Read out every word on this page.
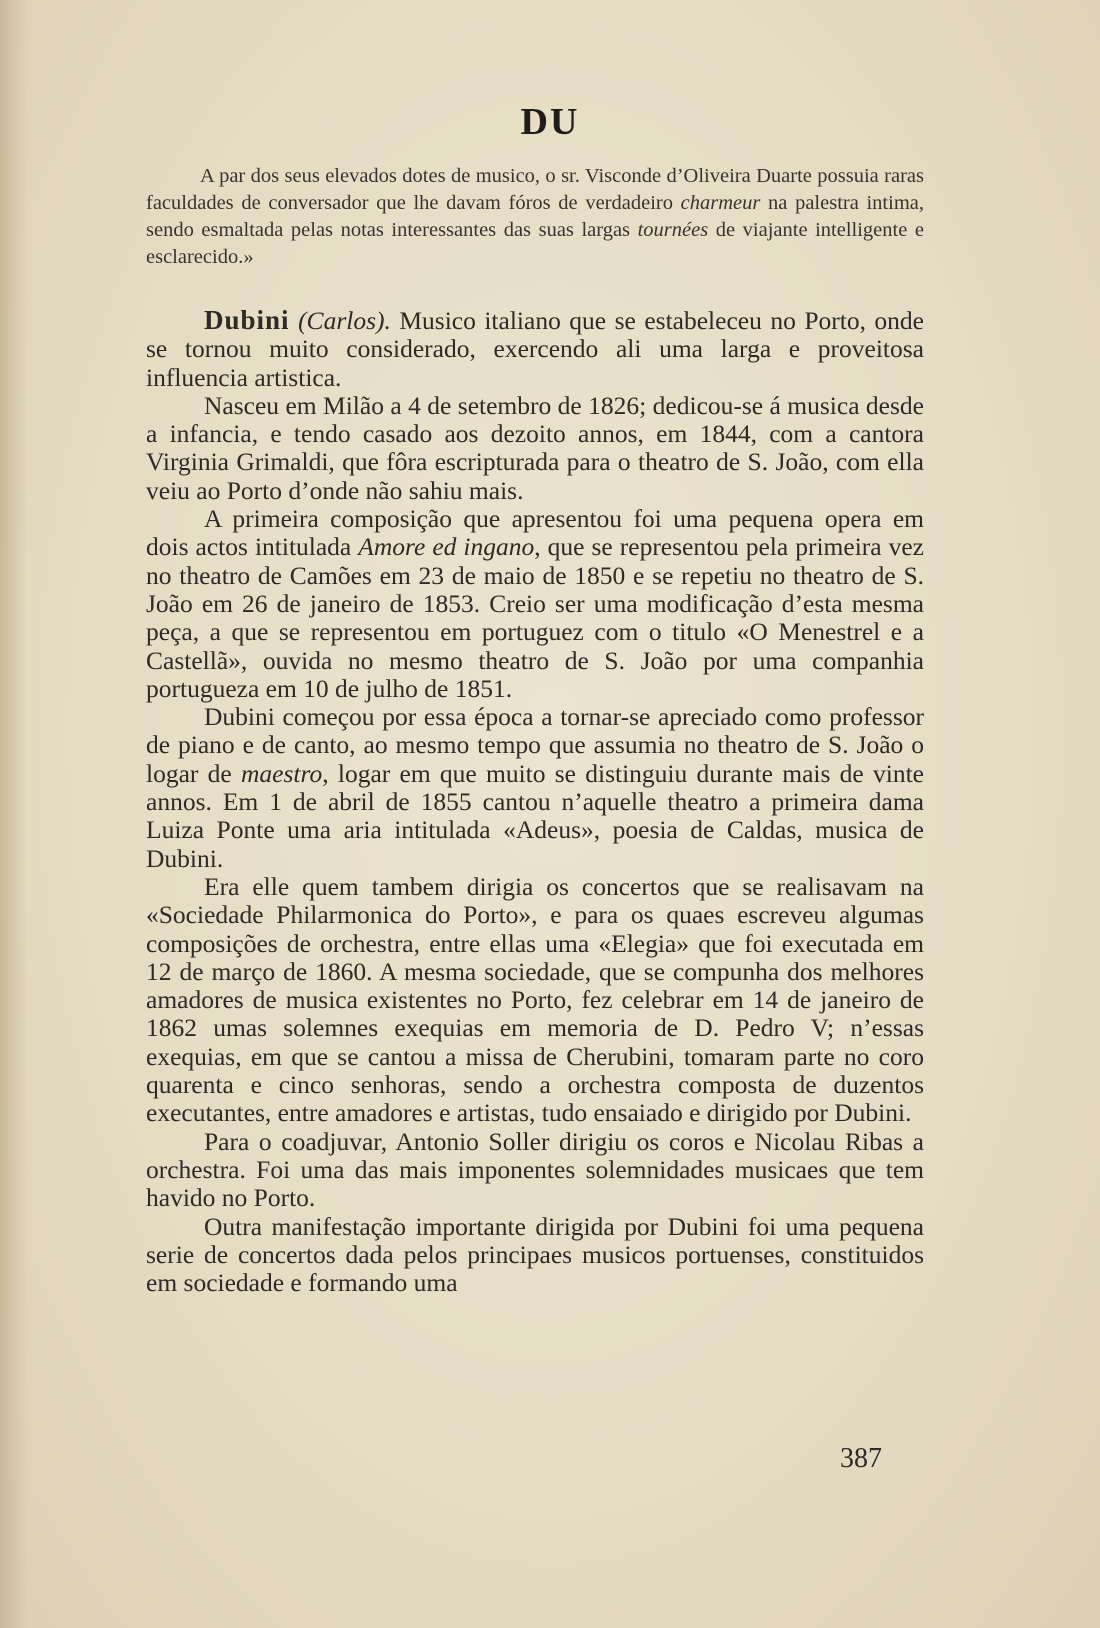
DU

A par dos seus elevados dotes de musico, o sr. Visconde d’Oliveira Duarte possuia raras faculdades de conversador que lhe davam fóros de verdadeiro charmeur na palestra intima, sendo esmaltada pelas notas interessantes das suas largas tournées de viajante intelligente e esclarecido.»

Dubini (Carlos). Musico italiano que se estabeleceu no Porto, onde se tornou muito considerado, exercendo ali uma larga e proveitosa influencia artistica.

Nasceu em Milão a 4 de setembro de 1826; dedicou-se á musica desde a infancia, e tendo casado aos dezoito annos, em 1844, com a cantora Virginia Grimaldi, que fôra escripturada para o theatro de S. João, com ella veiu ao Porto d’onde não sahiu mais.

A primeira composição que apresentou foi uma pequena opera em dois actos intitulada Amore ed ingano, que se representou pela primeira vez no theatro de Camões em 23 de maio de 1850 e se repetiu no theatro de S. João em 26 de janeiro de 1853. Creio ser uma modificação d’esta mesma peça, a que se representou em portuguez com o titulo «O Menestrel e a Castellã», ouvida no mesmo theatro de S. João por uma companhia portugueza em 10 de julho de 1851.

Dubini começou por essa época a tornar-se apreciado como professor de piano e de canto, ao mesmo tempo que assumia no theatro de S. João o logar de maestro, logar em que muito se distinguiu durante mais de vinte annos. Em 1 de abril de 1855 cantou n’aquelle theatro a primeira dama Luiza Ponte uma aria intitulada «Adeus», poesia de Caldas, musica de Dubini.

Era elle quem tambem dirigia os concertos que se realisavam na «Sociedade Philarmonica do Porto», e para os quaes escreveu algumas composições de orchestra, entre ellas uma «Elegia» que foi executada em 12 de março de 1860. A mesma sociedade, que se compunha dos melhores amadores de musica existentes no Porto, fez celebrar em 14 de janeiro de 1862 umas solemnes exequias em memoria de D. Pedro V; n’essas exequias, em que se cantou a missa de Cherubini, tomaram parte no coro quarenta e cinco senhoras, sendo a orchestra composta de duzentos executantes, entre amadores e artistas, tudo ensaiado e dirigido por Dubini.

Para o coadjuvar, Antonio Soller dirigiu os coros e Nicolau Ribas a orchestra. Foi uma das mais imponentes solemnidades musicaes que tem havido no Porto.

Outra manifestação importante dirigida por Dubini foi uma pequena serie de concertos dada pelos principaes musicos portuenses, constituidos em sociedade e formando uma

387
